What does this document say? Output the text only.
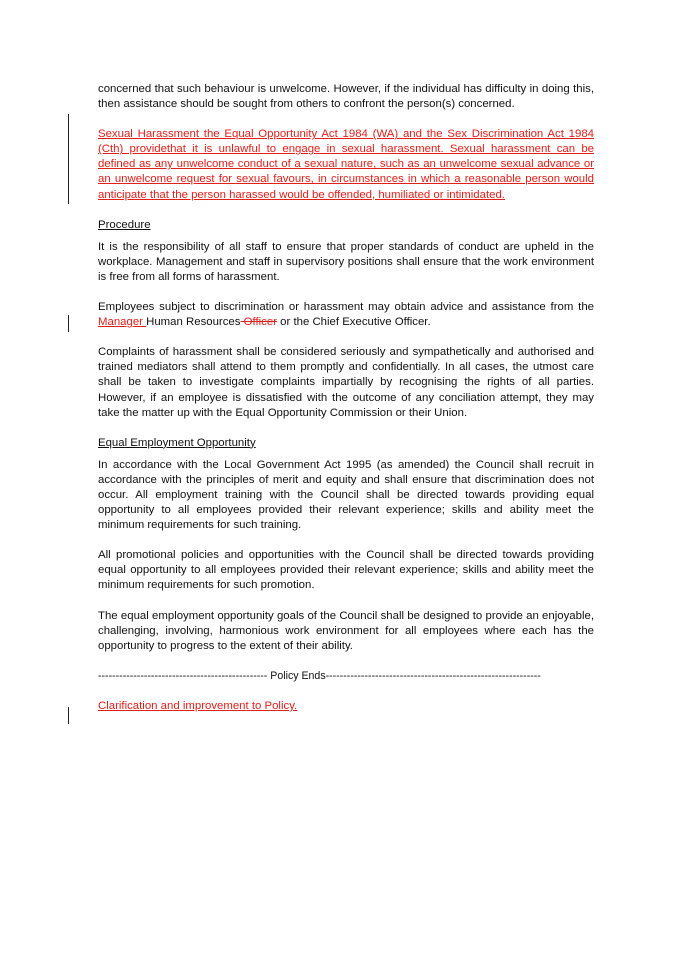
concerned that such behaviour is unwelcome. However, if the individual has difficulty in doing this, then assistance should be sought from others to confront the person(s) concerned.

Sexual Harassment the Equal Opportunity Act 1984 (WA) and the Sex Discrimination Act 1984 (Cth) providethat it is unlawful to engage in sexual harassment. Sexual harassment can be defined as any unwelcome conduct of a sexual nature, such as an unwelcome sexual advance or an unwelcome request for sexual favours, in circumstances in which a reasonable person would anticipate that the person harassed would be offended, humiliated or intimidated.

Procedure

It is the responsibility of all staff to ensure that proper standards of conduct are upheld in the workplace. Management and staff in supervisory positions shall ensure that the work environment is free from all forms of harassment.

Employees subject to discrimination or harassment may obtain advice and assistance from the Manager Human Resources Officer or the Chief Executive Officer.

Complaints of harassment shall be considered seriously and sympathetically and authorised and trained mediators shall attend to them promptly and confidentially. In all cases, the utmost care shall be taken to investigate complaints impartially by recognising the rights of all parties. However, if an employee is dissatisfied with the outcome of any conciliation attempt, they may take the matter up with the Equal Opportunity Commission or their Union.

Equal Employment Opportunity

In accordance with the Local Government Act 1995 (as amended) the Council shall recruit in accordance with the principles of merit and equity and shall ensure that discrimination does not occur. All employment training with the Council shall be directed towards providing equal opportunity to all employees provided their relevant experience; skills and ability meet the minimum requirements for such training.

All promotional policies and opportunities with the Council shall be directed towards providing equal opportunity to all employees provided their relevant experience; skills and ability meet the minimum requirements for such promotion.

The equal employment opportunity goals of the Council shall be designed to provide an enjoyable, challenging, involving, harmonious work environment for all employees where each has the opportunity to progress to the extent of their ability.

------------------------------------------------ Policy Ends-------------------------------------------------------------

Clarification and improvement to Policy.
